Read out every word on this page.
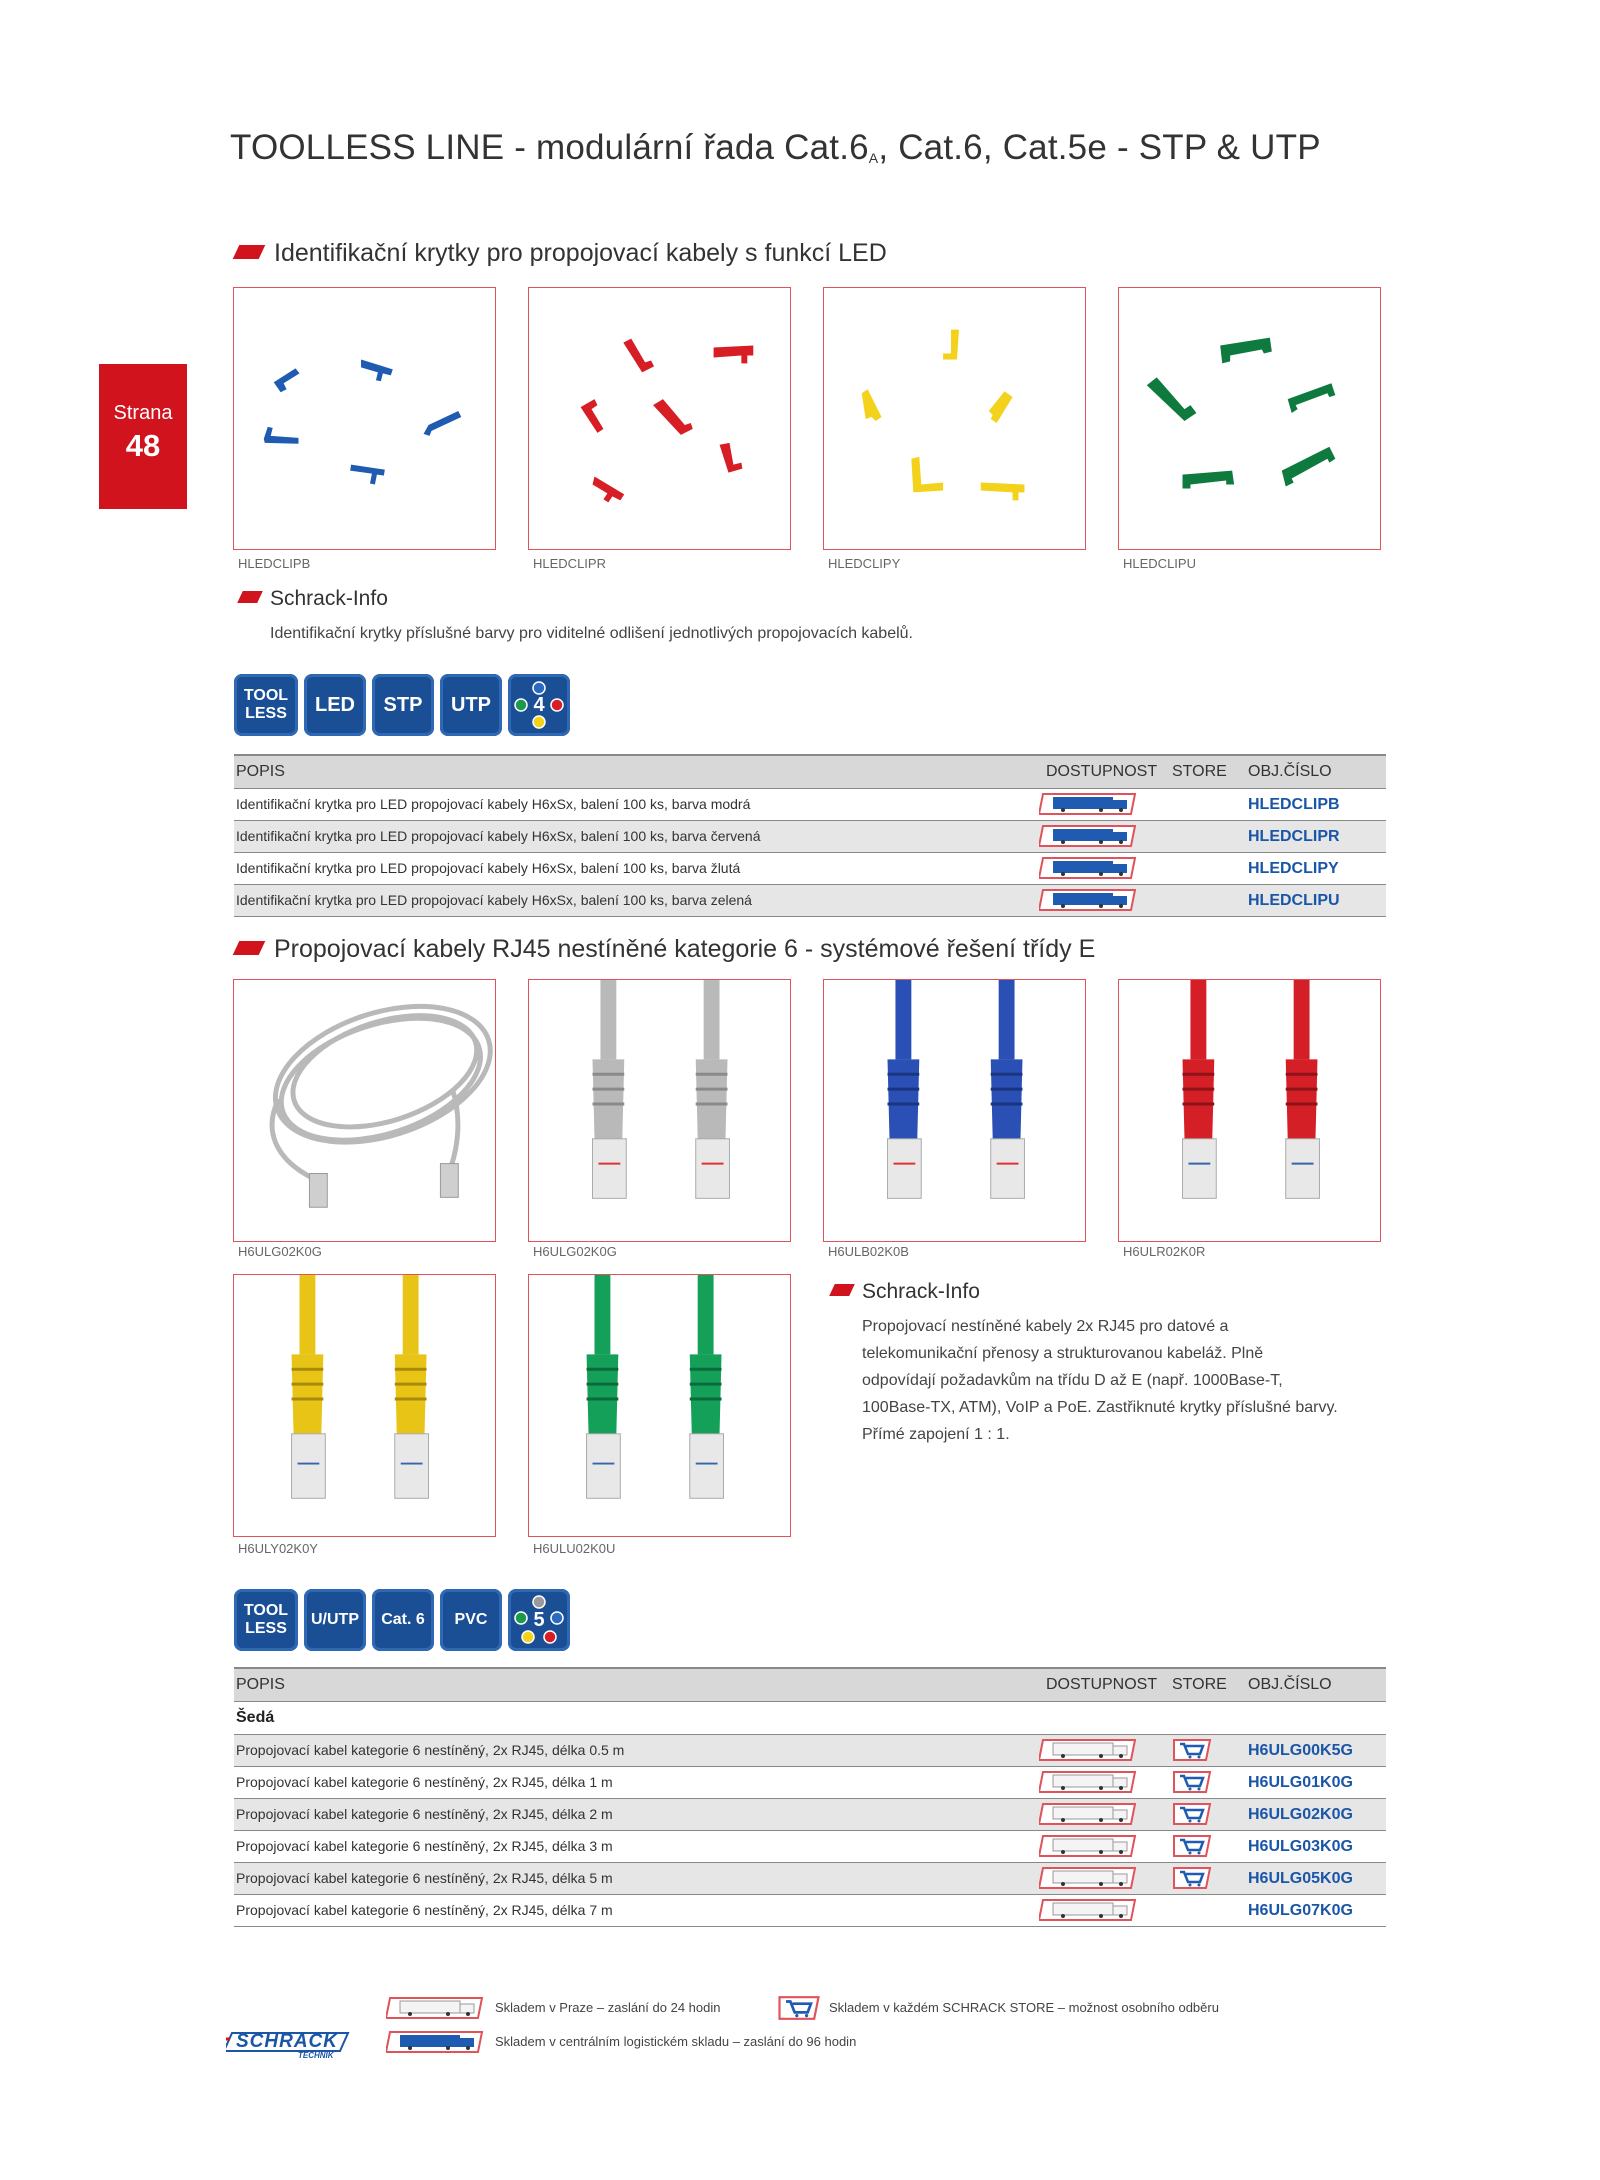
TOOLLESS LINE - modulární řada $Cat.6_A$, Cat.6, Cat.5e - STP & UTP
Strana
48
Identifikační krytky pro propojovací kabely s funkcí LED
HLEDCLIPB	HLEDCLIPR	HLEDCLIPY	HLEDCLIPU
Schrack-Info
Identifikační krytky příslušné barvy pro viditelné odlišení jednotlivých propojovacích kabelů.
TOOL LESS	LED	STP	UTP	4
POPIS	DOSTUPNOST STORE OBJ.ČÍSLO
Identifikační krytka pro LED propojovací kabely H6xSx, balení 100 ks, barva modrá	HLEDCLIPB
Identifikační krytka pro LED propojovací kabely H6xSx, balení 100 ks, barva červená	HLEDCLIPR
Identifikační krytka pro LED propojovací kabely H6xSx, balení 100 ks, barva žlutá	HLEDCLIPY
Identifikační krytka pro LED propojovací kabely H6xSx, balení 100 ks, barva zelená	HLEDCLIPU
Propojovací kabely RJ45 nestíněné kategorie 6 - systémové řešení třídy E
H6ULG02K0G	H6ULG02K0G	H6ULB02K0B	H6ULR02K0R
H6ULY02K0Y	H6ULU02K0U
Schrack-Info
Propojovací nestíněné kabely 2x RJ45 pro datové a
telekomunikační přenosy a strukturovanou kabeláž. Plně
odpovídají požadavkům na třídu D až E (např. 1000Base-T,
100Base-TX, ATM), VoIP a PoE. Zastřiknuté krytky příslušné barvy.
Přímé zapojení 1 : 1.
TOOL LESS
U/UTP	Cat. 6	PVC	5
POPIS	DOSTUPNOST STORE OBJ.ČÍSLO
Šedá
Propojovací kabel kategorie 6 nestíněný, 2x RJ45, délka 0.5 m	H6ULG00K5G
Propojovací kabel kategorie 6 nestíněný, 2x RJ45, délka 1 m	H6ULG01K0G
Propojovací kabel kategorie 6 nestíněný, 2x RJ45, délka 2 m	H6ULG02K0G
Propojovací kabel kategorie 6 nestíněný, 2x RJ45, délka 3 m	H6ULG03K0G
Propojovací kabel kategorie 6 nestíněný, 2x RJ45, délka 5 m	H6ULG05K0G
Propojovací kabel kategorie 6 nestíněný, 2x RJ45, délka 7 m	H6ULG07K0G
Skladem v Praze – zaslání do 24 hodin	Skladem v každém SCHRACK STORE – možnost osobního odběru
Skladem v centrálním logistickém skladu – zaslání do 96 hodin
SCHRACK
TECHNIK
